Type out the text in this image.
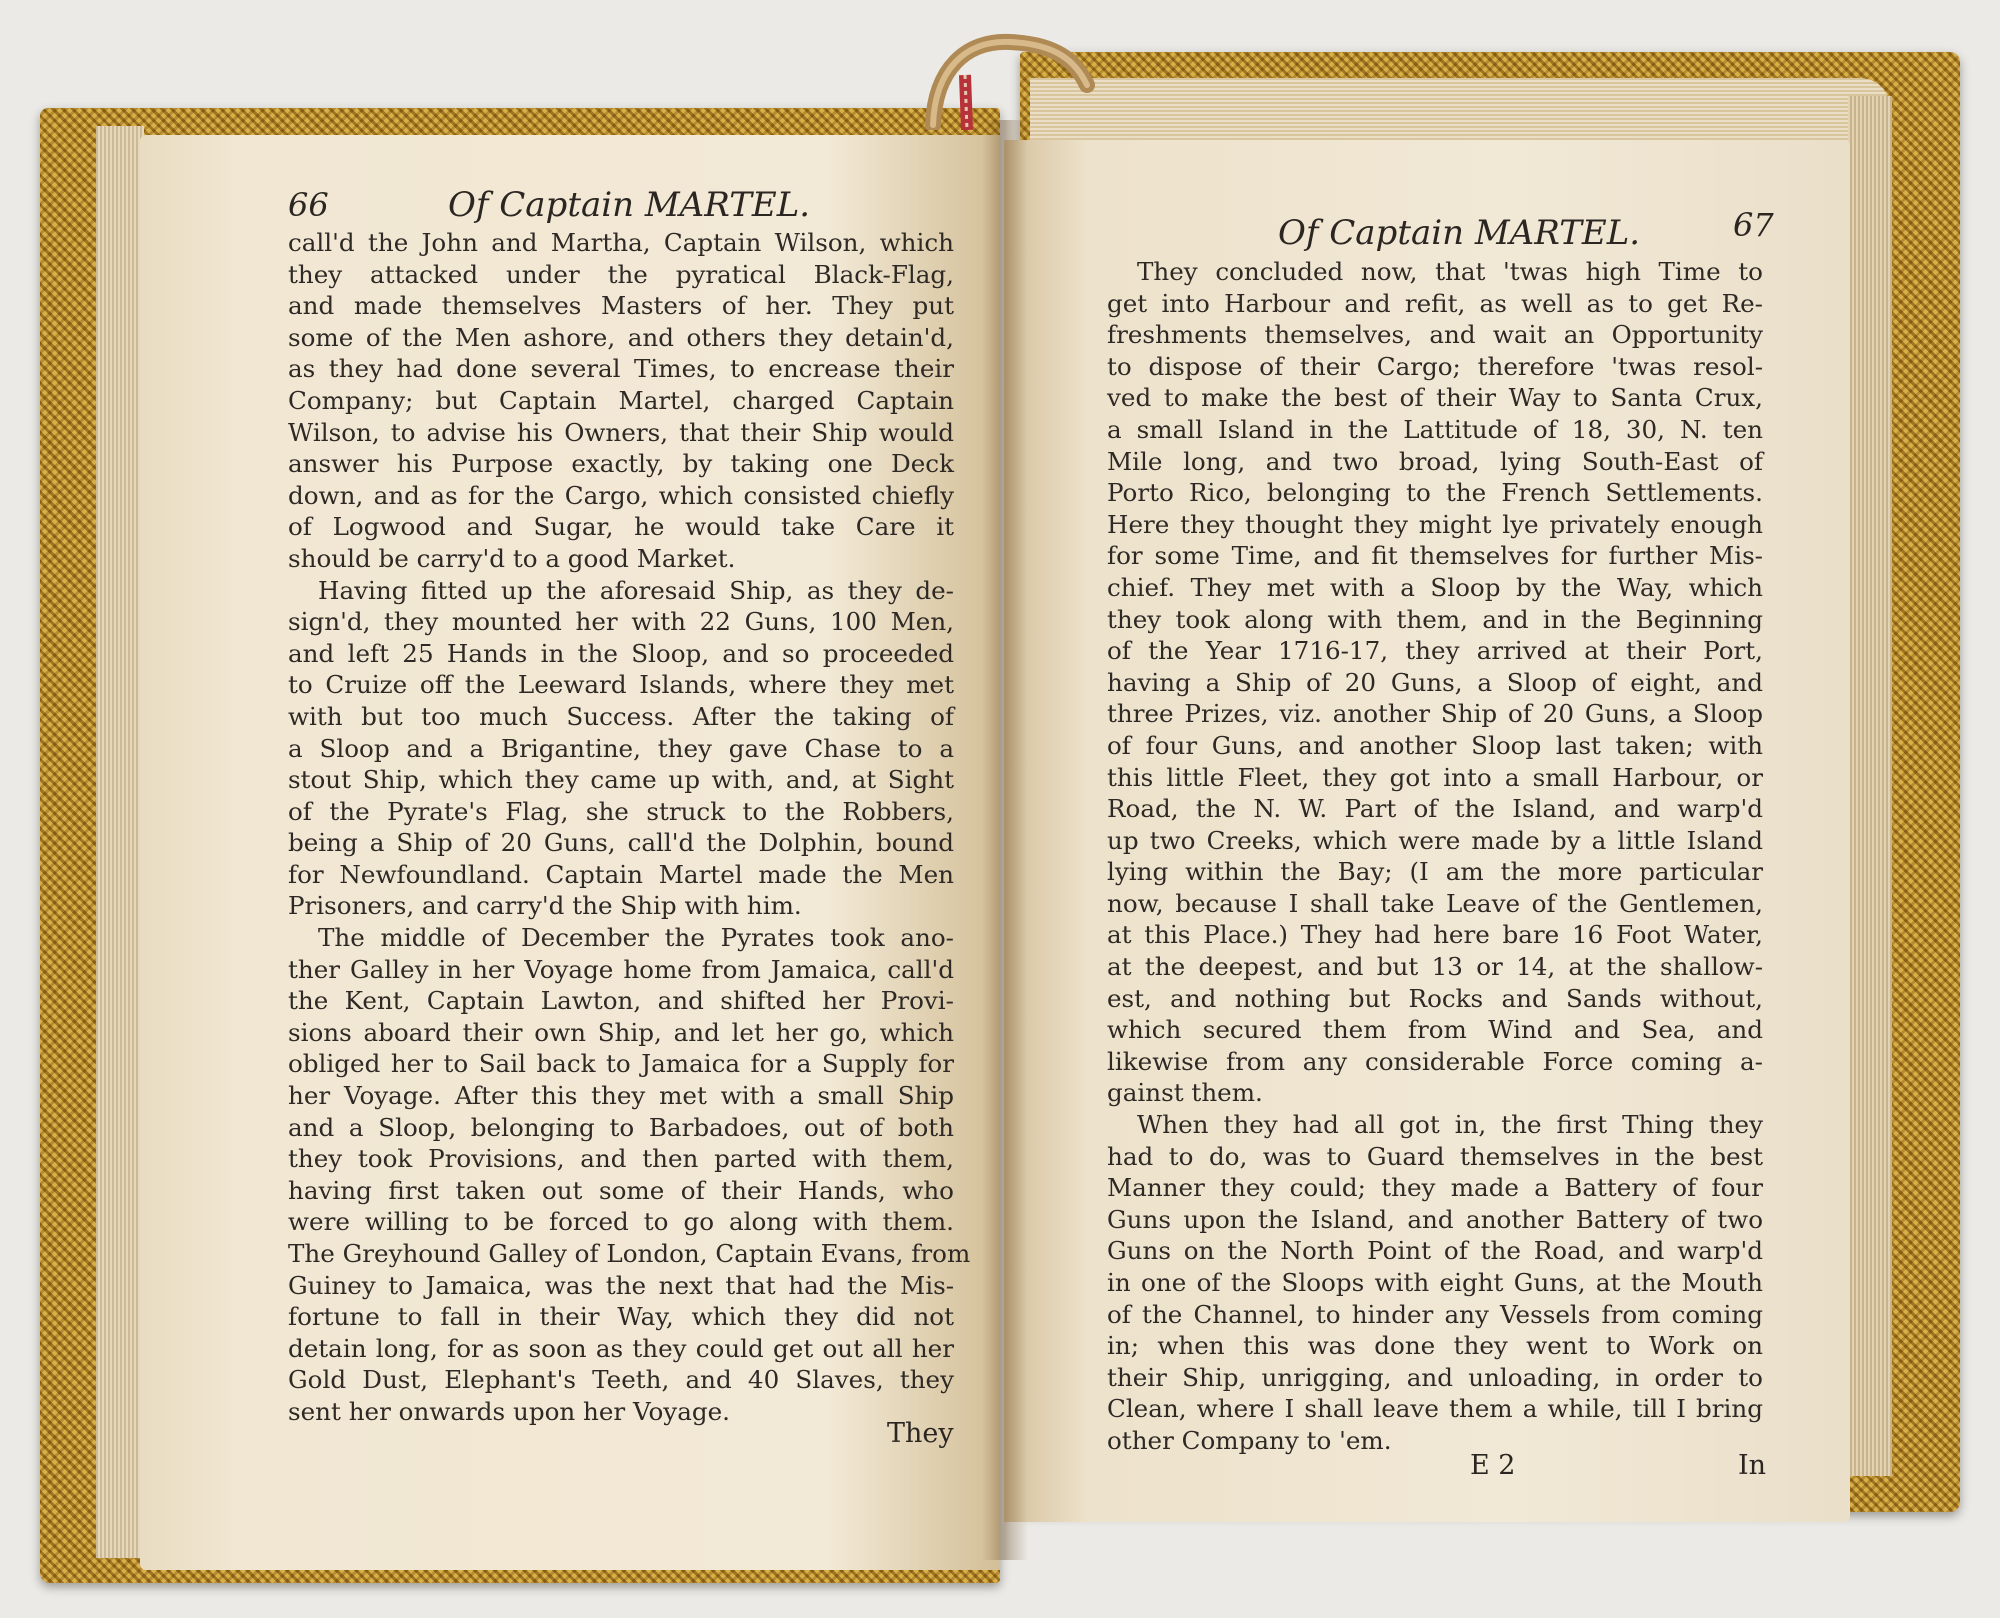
66	Of Captain MARTEL.
call'd the John and Martha, Captain Wilson, which
they attacked under the pyratical Black-Flag,
and made themselves Masters of her. They put
some of the Men ashore, and others they detain'd,
as they had done several Times, to encrease their
Company; but Captain Martel, charged Captain
Wilson, to advise his Owners, that their Ship would
answer his Purpose exactly, by taking one Deck
down, and as for the Cargo, which consisted chiefly
of Logwood and Sugar, he would take Care it
should be carry'd to a good Market.
Having fitted up the aforesaid Ship, as they de-
sign'd, they mounted her with 22 Guns, 100 Men,
and left 25 Hands in the Sloop, and so proceeded
to Cruize off the Leeward Islands, where they met
with but too much Success. After the taking of
a Sloop and a Brigantine, they gave Chase to a
stout Ship, which they came up with, and, at Sight
of the Pyrate's Flag, she struck to the Robbers,
being a Ship of 20 Guns, call'd the Dolphin, bound
for Newfoundland. Captain Martel made the Men
Prisoners, and carry'd the Ship with him.
The middle of December the Pyrates took ano-
ther Galley in her Voyage home from Jamaica, call'd
the Kent, Captain Lawton, and shifted her Provi-
sions aboard their own Ship, and let her go, which
obliged her to Sail back to Jamaica for a Supply for
her Voyage. After this they met with a small Ship
and a Sloop, belonging to Barbadoes, out of both
they took Provisions, and then parted with them,
having first taken out some of their Hands, who
were willing to be forced to go along with them.
The Greyhound Galley of London, Captain Evans, from
Guiney to Jamaica, was the next that had the Mis-
fortune to fall in their Way, which they did not
detain long, for as soon as they could get out all her
Gold Dust, Elephant's Teeth, and 40 Slaves, they
sent her onwards upon her Voyage.
They
Of Captain MARTEL.	67
They concluded now, that 'twas high Time to
get into Harbour and refit, as well as to get Re-
freshments themselves, and wait an Opportunity
to dispose of their Cargo; therefore 'twas resol-
ved to make the best of their Way to Santa Crux,
a small Island in the Lattitude of 18, 30, N. ten
Mile long, and two broad, lying South-East of
Porto Rico, belonging to the French Settlements.
Here they thought they might lye privately enough
for some Time, and fit themselves for further Mis-
chief. They met with a Sloop by the Way, which
they took along with them, and in the Beginning
of the Year 1716-17, they arrived at their Port,
having a Ship of 20 Guns, a Sloop of eight, and
three Prizes, viz. another Ship of 20 Guns, a Sloop
of four Guns, and another Sloop last taken; with
this little Fleet, they got into a small Harbour, or
Road, the N. W. Part of the Island, and warp'd
up two Creeks, which were made by a little Island
lying within the Bay; (I am the more particular
now, because I shall take Leave of the Gentlemen,
at this Place.) They had here bare 16 Foot Water,
at the deepest, and but 13 or 14, at the shallow-
est, and nothing but Rocks and Sands without,
which secured them from Wind and Sea, and
likewise from any considerable Force coming a-
gainst them.
When they had all got in, the first Thing they
had to do, was to Guard themselves in the best
Manner they could; they made a Battery of four
Guns upon the Island, and another Battery of two
Guns on the North Point of the Road, and warp'd
in one of the Sloops with eight Guns, at the Mouth
of the Channel, to hinder any Vessels from coming
in; when this was done they went to Work on
their Ship, unrigging, and unloading, in order to
Clean, where I shall leave them a while, till I bring
other Company to 'em.
E 2	In
